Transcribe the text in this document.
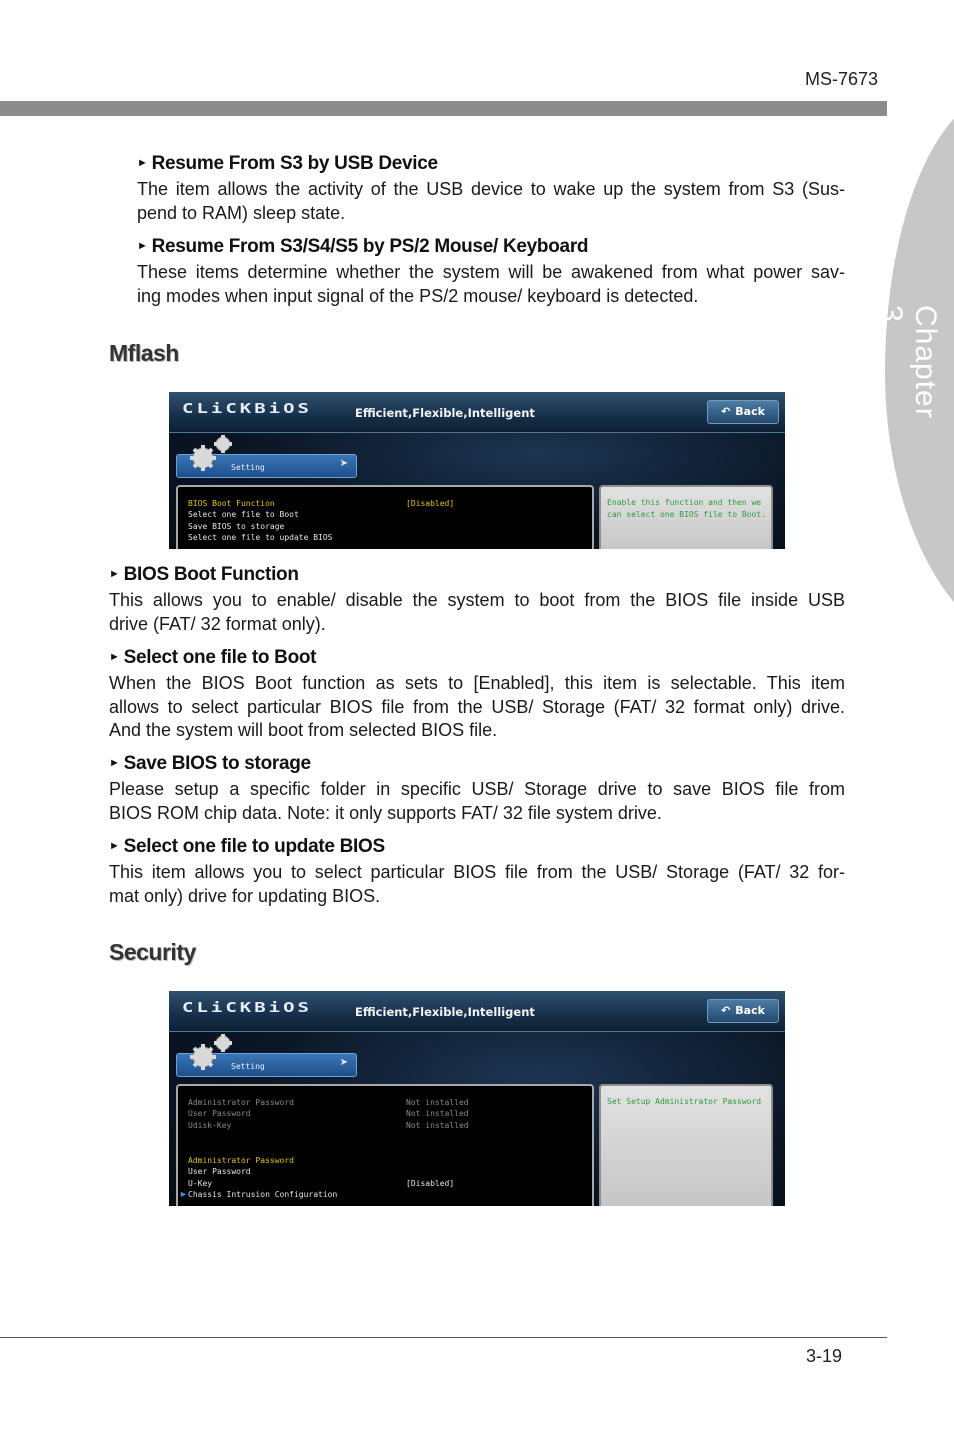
MS-7673
Chapter 3
► Resume From S3 by USB Device
The item allows the activity of the USB device to wake up the system from S3 (Sus-
pend to RAM) sleep state.
► Resume From S3/S4/S5 by PS/2 Mouse/ Keyboard
These items determine whether the system will be awakened from what power sav-
ing modes when input signal of the PS/2 mouse/ keyboard is detected.
Mflash
CLiCKBiOS	Efficient,Flexible,Intelligent	↶ Back
Setting	➤
BIOS Boot Function	[Disabled]
Select one file to Boot
Save BIOS to storage
Select one file to update BIOS
Enable this function and then we can select one BIOS file to Boot.
► BIOS Boot Function
This allows you to enable/ disable the system to boot from the BIOS file inside USB
drive (FAT/ 32 format only).
► Select one file to Boot
When the BIOS Boot function as sets to [Enabled], this item is selectable. This item
allows to select particular BIOS file from the USB/ Storage (FAT/ 32 format only) drive.
And the system will boot from selected BIOS file.
► Save BIOS to storage
Please setup a specific folder in specific USB/ Storage drive to save BIOS file from
BIOS ROM chip data. Note: it only supports FAT/ 32 file system drive.
► Select one file to update BIOS
This item allows you to select particular BIOS file from the USB/ Storage (FAT/ 32 for-
mat only) drive for updating BIOS.
Security
CLiCKBiOS	Efficient,Flexible,Intelligent	↶ Back
Setting	➤
Administrator Password	Not installed
User Password	Not installed
Udisk-Key	Not installed
Administrator Password
User Password
U-Key	[Disabled]
► Chassis Intrusion Configuration
Set Setup Administrator Password
3-19
